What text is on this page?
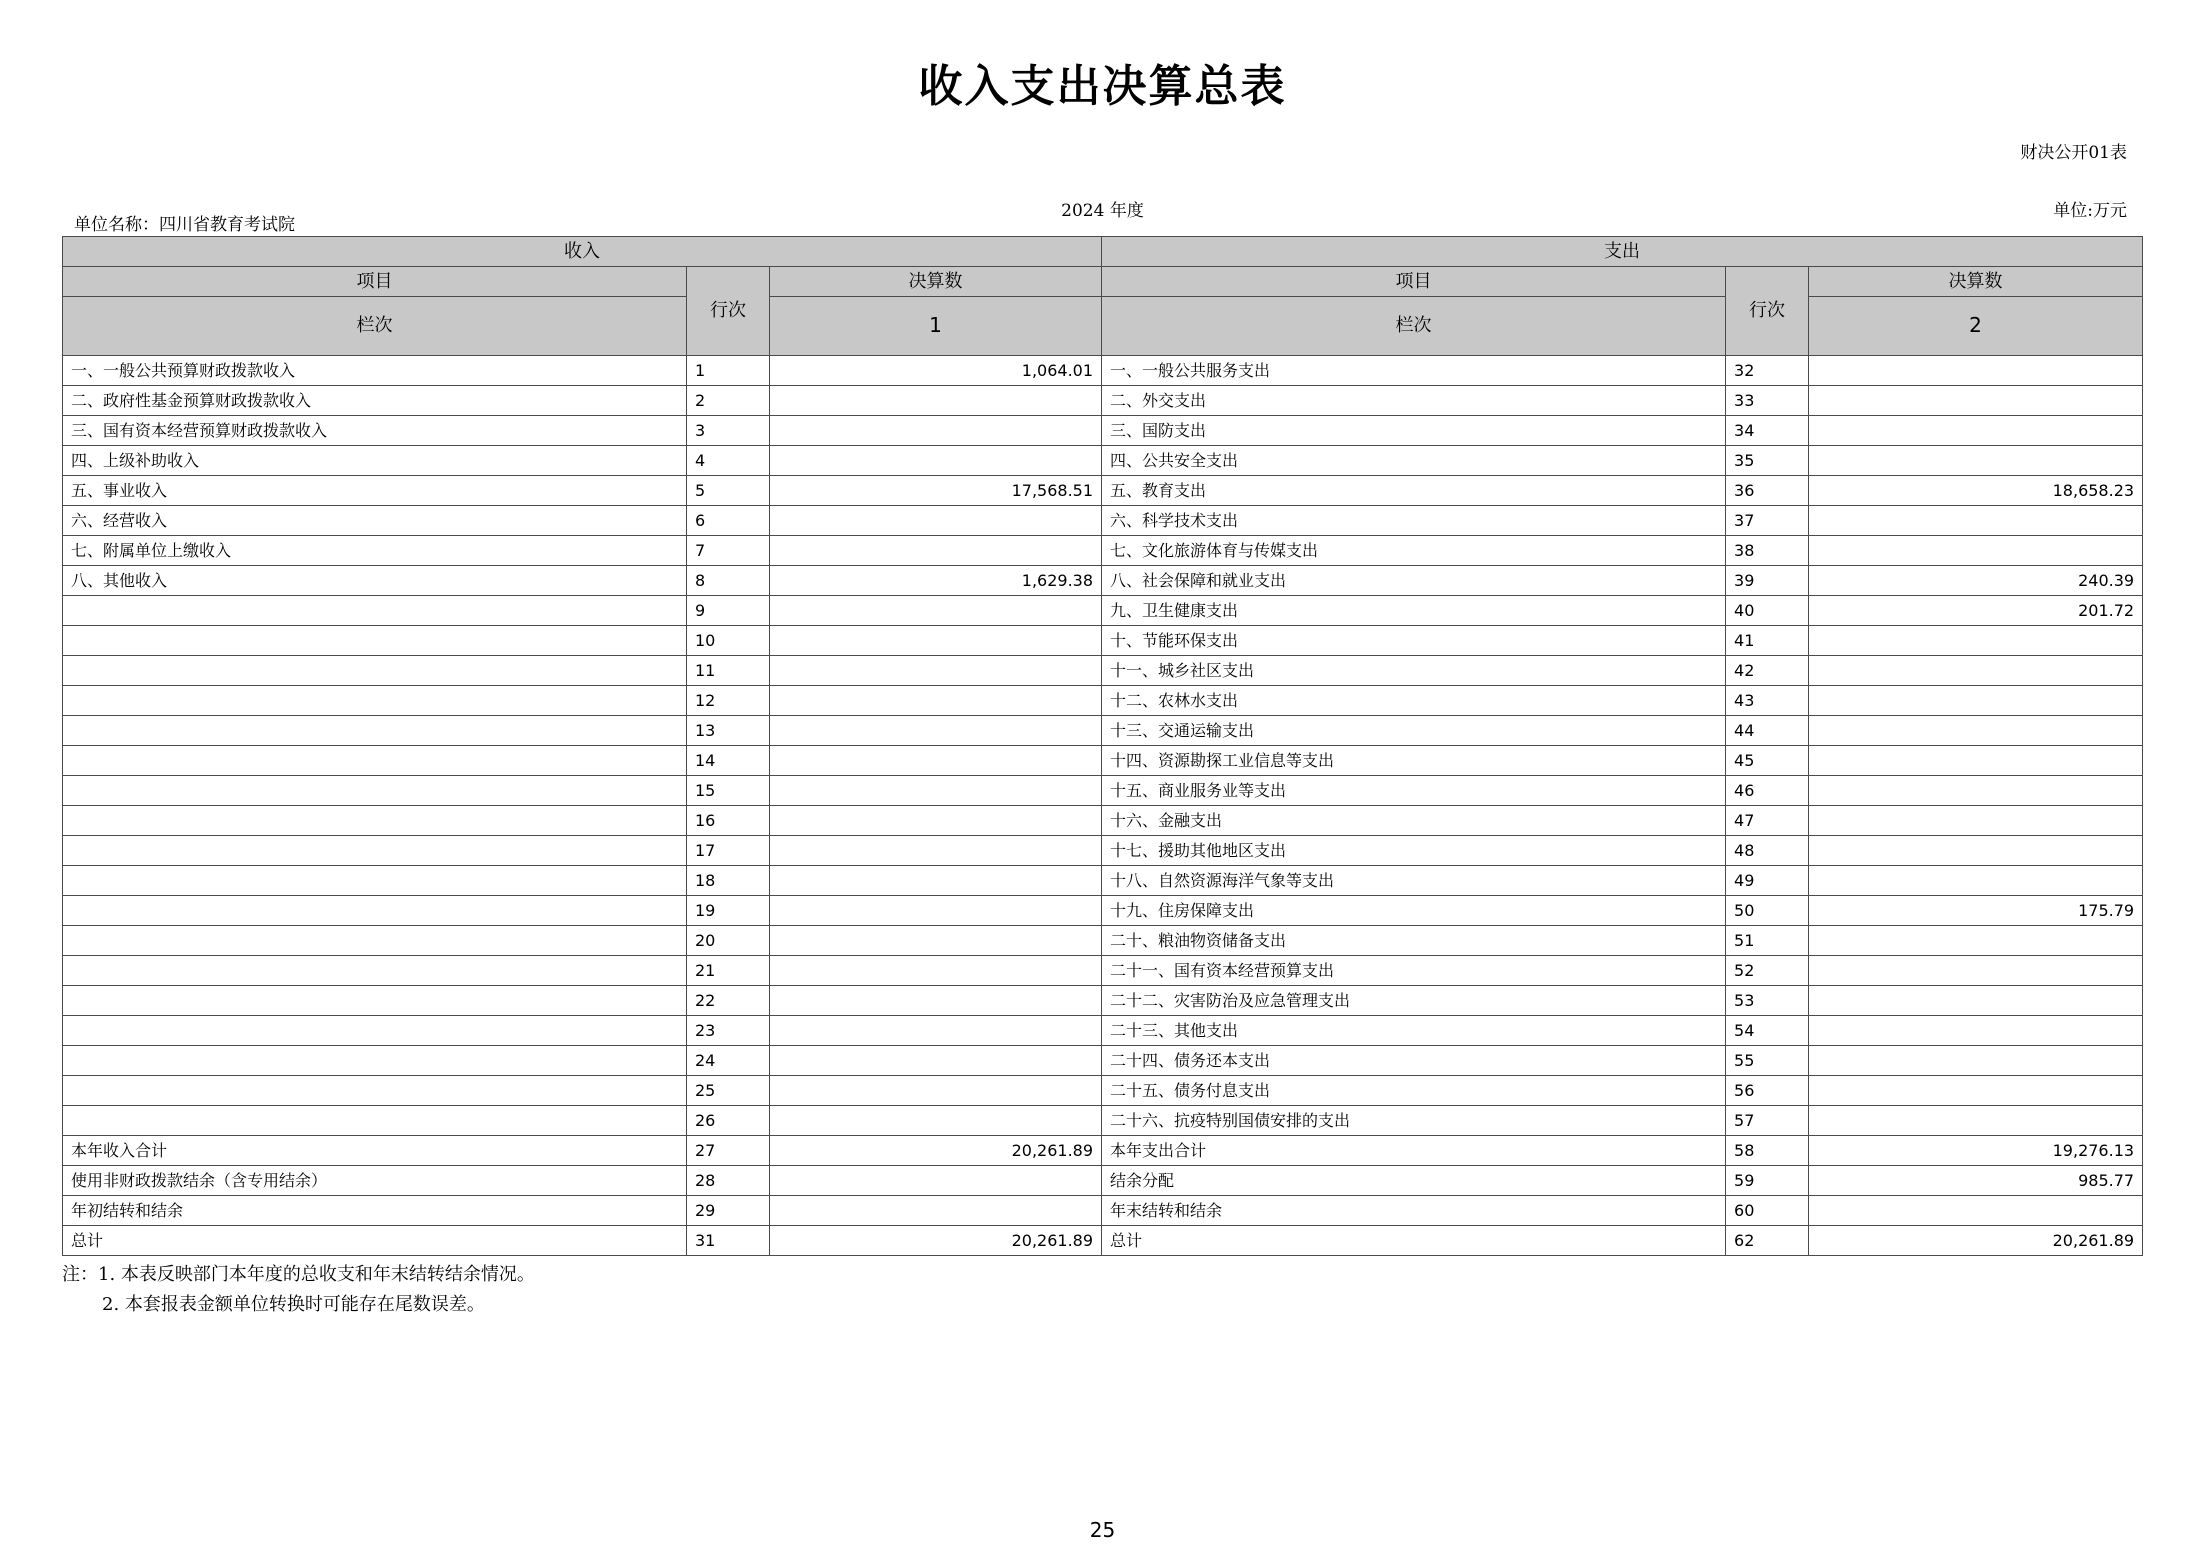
收入支出决算总表
财决公开01表
单位名称：四川省教育考试院
2024 年度	单位:万元
收入			支出		
项目	行次	决算数	项目	行次	决算数
栏次		1	栏次		2
一、一般公共预算财政拨款收入	1	1,064.01	一、一般公共服务支出	32	
二、政府性基金预算财政拨款收入	2		二、外交支出	33	
三、国有资本经营预算财政拨款收入	3		三、国防支出	34	
四、上级补助收入	4		四、公共安全支出	35	
五、事业收入	5	17,568.51	五、教育支出	36	18,658.23
六、经营收入	6		六、科学技术支出	37	
七、附属单位上缴收入	7		七、文化旅游体育与传媒支出	38	
八、其他收入	8	1,629.38	八、社会保障和就业支出	39	240.39
	9		九、卫生健康支出	40	201.72
	10		十、节能环保支出	41	
	11		十一、城乡社区支出	42	
	12		十二、农林水支出	43	
	13		十三、交通运输支出	44	
	14		十四、资源勘探工业信息等支出	45	
	15		十五、商业服务业等支出	46	
	16		十六、金融支出	47	
	17		十七、援助其他地区支出	48	
	18		十八、自然资源海洋气象等支出	49	
	19		十九、住房保障支出	50	175.79
	20		二十、粮油物资储备支出	51	
	21		二十一、国有资本经营预算支出	52	
	22		二十二、灾害防治及应急管理支出	53	
	23		二十三、其他支出	54	
	24		二十四、债务还本支出	55	
	25		二十五、债务付息支出	56	
	26		二十六、抗疫特别国债安排的支出	57	
本年收入合计	27	20,261.89	本年支出合计	58	19,276.13
使用非财政拨款结余（含专用结余）	28		结余分配	59	985.77
年初结转和结余	29		年末结转和结余	60	
总计	31	20,261.89	总计	62	20,261.89
注：1. 本表反映部门本年度的总收支和年末结转结余情况。
2. 本套报表金额单位转换时可能存在尾数误差。
25
